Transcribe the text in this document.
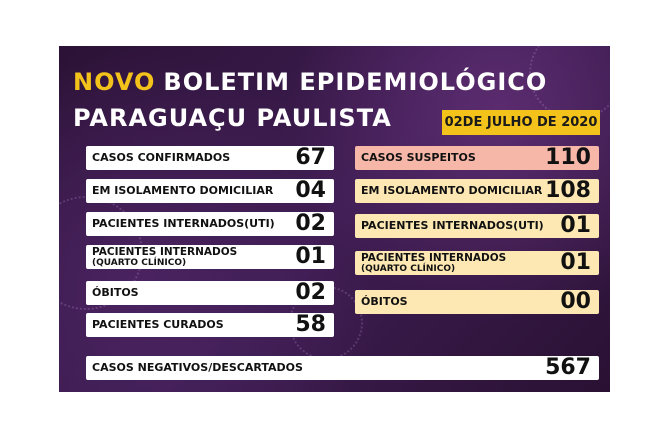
NOVO BOLETIM EPIDEMIOLÓGICO
PARAGUAÇU PAULISTA	02DE JULHO DE 2020
CASOS CONFIRMADOS	67
EM ISOLAMENTO DOMICILIAR 04
PACIENTES INTERNADOS(UTI) 02
PACIENTES INTERNADOS
(QUARTO CLÍNICO)	01
ÓBITOS	02
PACIENTES CURADOS	58
CASOS SUSPEITOS	110
EM ISOLAMENTO DOMICILIAR 108
PACIENTES INTERNADOS(UTI) 01
PACIENTES INTERNADOS
(QUARTO CLÍNICO)	01
ÓBITOS	00
CASOS NEGATIVOS/DESCARTADOS	567
